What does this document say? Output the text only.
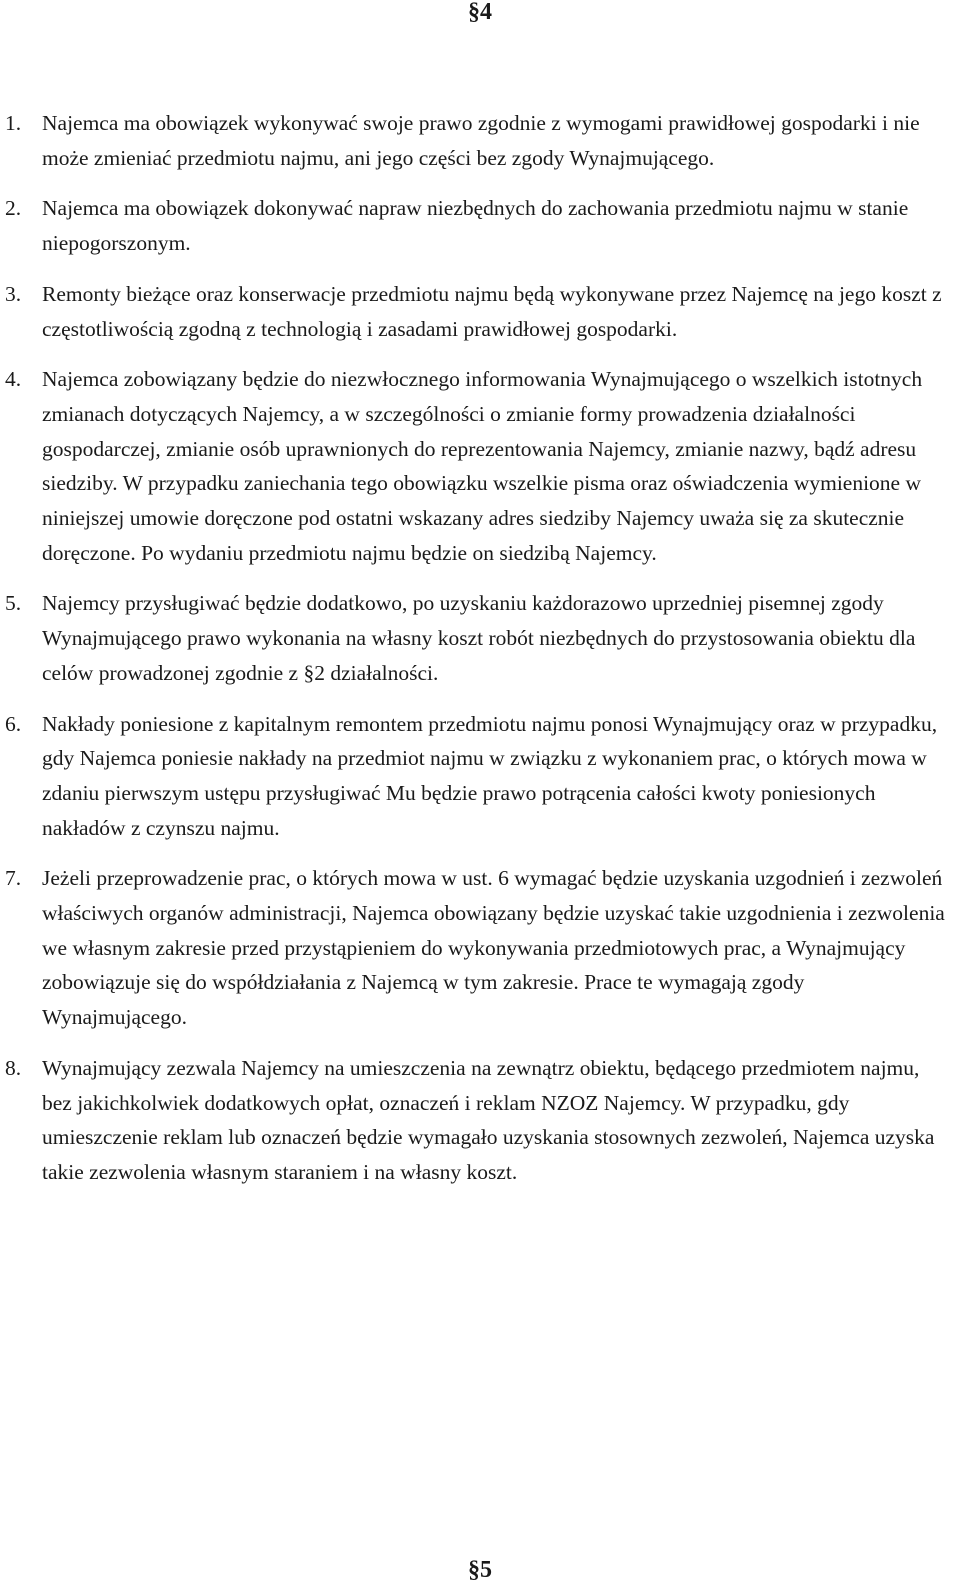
§4
1. Najemca ma obowiązek wykonywać swoje prawo zgodnie z wymogami prawidłowej gospodarki i nie może zmieniać przedmiotu najmu, ani jego części bez zgody Wynajmującego.
2. Najemca ma obowiązek dokonywać napraw niezbędnych do zachowania przedmiotu najmu w stanie niepogorszonym.
3. Remonty bieżące oraz konserwacje przedmiotu najmu będą wykonywane przez Najemcę na jego koszt z częstotliwością zgodną z technologią i zasadami prawidłowej gospodarki.
4. Najemca zobowiązany będzie do niezwłocznego informowania Wynajmującego o wszelkich istotnych zmianach dotyczących Najemcy, a w szczególności o zmianie formy prowadzenia działalności gospodarczej, zmianie osób uprawnionych do reprezentowania Najemcy, zmianie nazwy, bądź adresu siedziby. W przypadku zaniechania tego obowiązku wszelkie pisma oraz oświadczenia wymienione w niniejszej umowie doręczone pod ostatni wskazany adres siedziby Najemcy uważa się za skutecznie doręczone. Po wydaniu przedmiotu najmu będzie on siedzibą Najemcy.
5. Najemcy przysługiwać będzie dodatkowo, po uzyskaniu każdorazowo uprzedniej pisemnej zgody Wynajmującego prawo wykonania na własny koszt robót niezbędnych do przystosowania obiektu dla celów prowadzonej zgodnie z §2 działalności.
6. Nakłady poniesione z kapitalnym remontem przedmiotu najmu ponosi Wynajmujący oraz w przypadku, gdy Najemca poniesie nakłady na przedmiot najmu w związku z wykonaniem prac, o których mowa w zdaniu pierwszym ustępu przysługiwać Mu będzie prawo potrącenia całości kwoty poniesionych nakładów z czynszu najmu.
7. Jeżeli przeprowadzenie prac, o których mowa w ust. 6 wymagać będzie uzyskania uzgodnień i zezwoleń właściwych organów administracji, Najemca obowiązany będzie uzyskać takie uzgodnienia i zezwolenia we własnym zakresie przed przystąpieniem do wykonywania przedmiotowych prac, a Wynajmujący zobowiązuje się do współdziałania z Najemcą w tym zakresie. Prace te wymagają zgody Wynajmującego.
8. Wynajmujący zezwala Najemcy na umieszczenia na zewnątrz obiektu, będącego przedmiotem najmu, bez jakichkolwiek dodatkowych opłat, oznaczeń i reklam NZOZ Najemcy. W przypadku, gdy umieszczenie reklam lub oznaczeń będzie wymagało uzyskania stosownych zezwoleń, Najemca uzyska takie zezwolenia własnym staraniem i na własny koszt.
§5
